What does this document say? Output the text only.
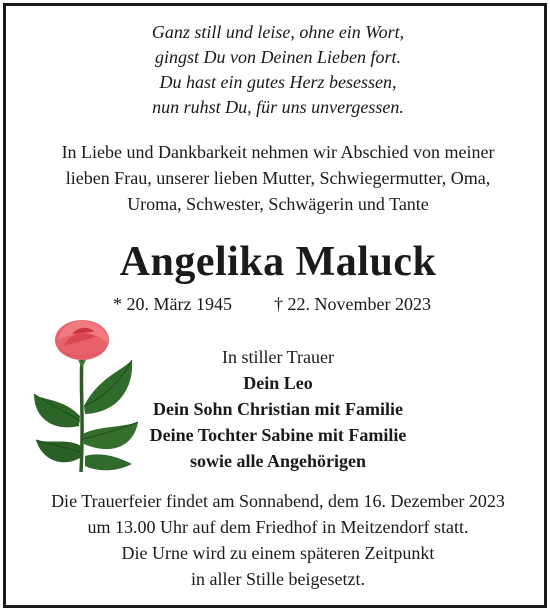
Ganz still und leise, ohne ein Wort,
gingst Du von Deinen Lieben fort.
Du hast ein gutes Herz besessen,
nun ruhst Du, für uns unvergessen.
In Liebe und Dankbarkeit nehmen wir Abschied von meiner
lieben Frau, unserer lieben Mutter, Schwiegermutter, Oma,
Uroma, Schwester, Schwägerin und Tante
Angelika Maluck
* 20. März 1945 † 22. November 2023
In stiller Trauer
Dein Leo
Dein Sohn Christian mit Familie
Deine Tochter Sabine mit Familie
sowie alle Angehörigen
Die Trauerfeier findet am Sonnabend, dem 16. Dezember 2023
um 13.00 Uhr auf dem Friedhof in Meitzendorf statt.
Die Urne wird zu einem späteren Zeitpunkt
in aller Stille beigesetzt.
